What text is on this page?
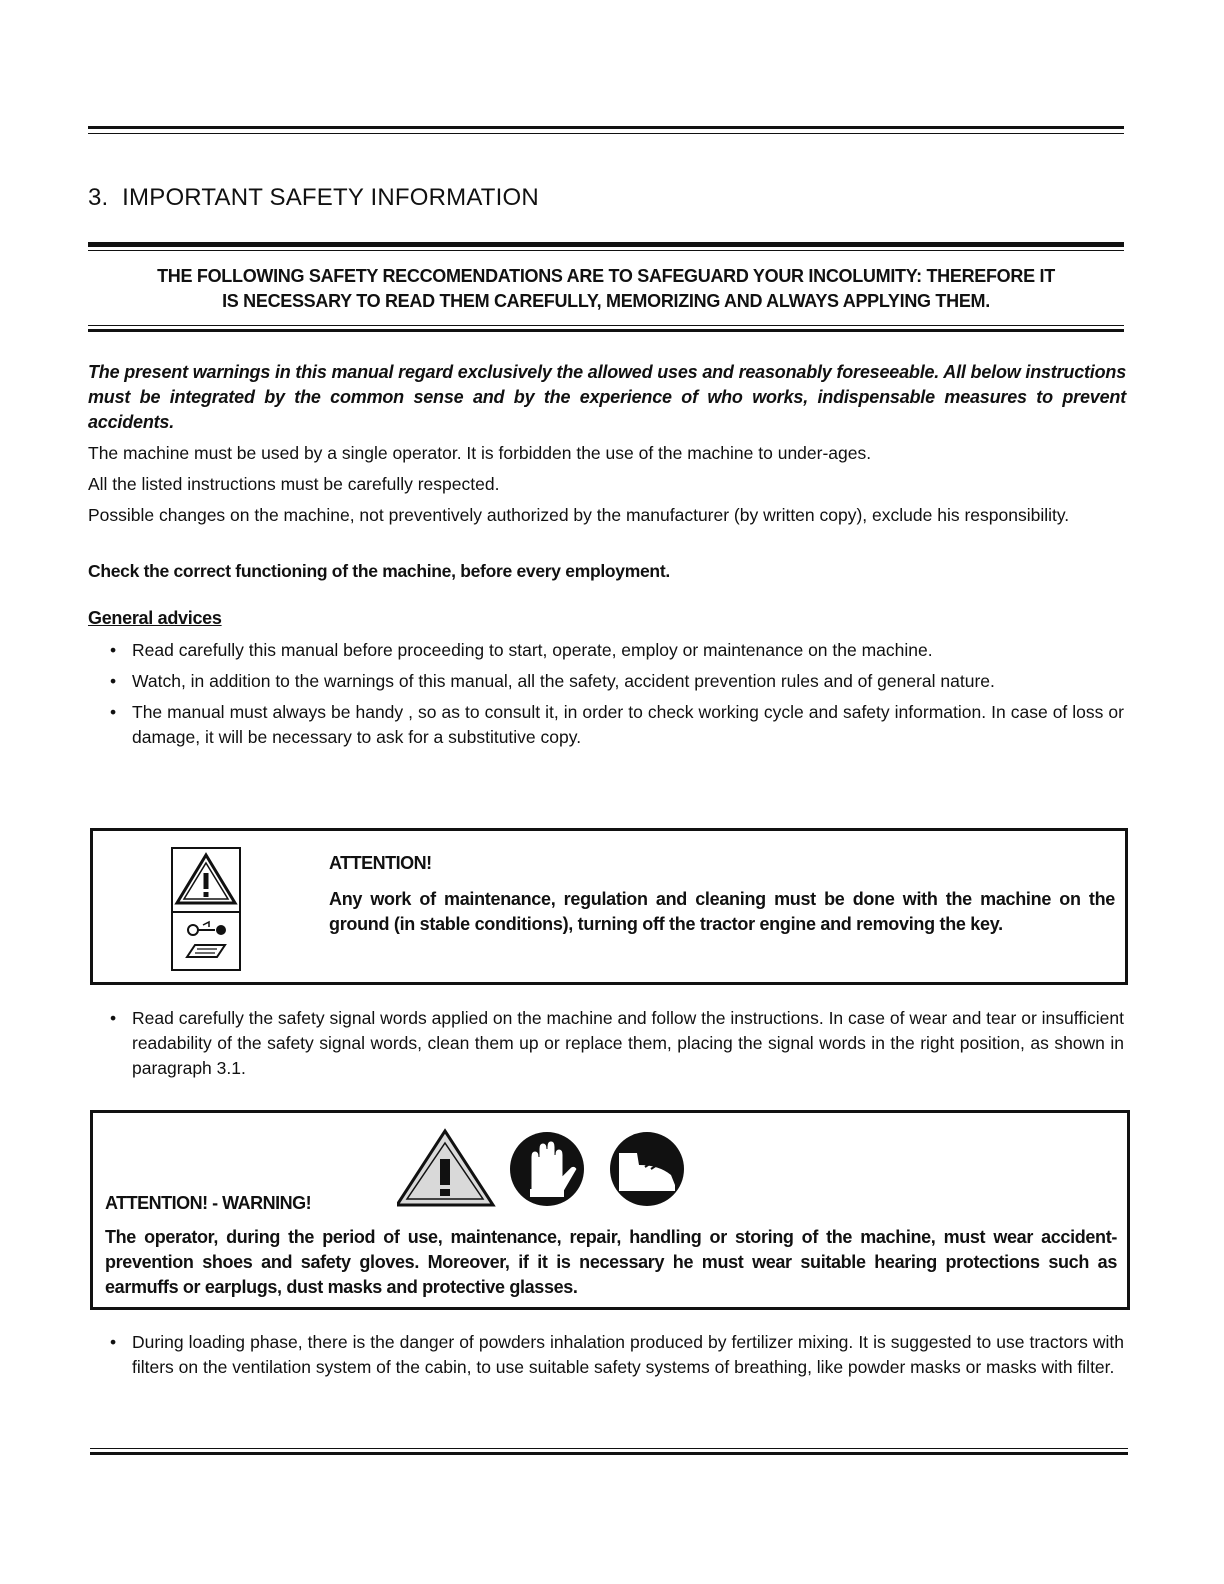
3. IMPORTANT SAFETY INFORMATION
THE FOLLOWING SAFETY RECCOMENDATIONS ARE TO SAFEGUARD YOUR INCOLUMITY: THEREFORE IT
IS NECESSARY TO READ THEM CAREFULLY, MEMORIZING AND ALWAYS APPLYING THEM.
The present warnings in this manual regard exclusively the allowed uses and reasonably foreseeable. All below instructions must be integrated by the common sense and by the experience of who works, indispensable measures to prevent accidents.
The machine must be used by a single operator. It is forbidden the use of the machine to under-ages.
All the listed instructions must be carefully respected.
Possible changes on the machine, not preventively authorized by the manufacturer (by written copy), exclude his responsibility.
Check the correct functioning of the machine, before every employment.
General advices
• Read carefully this manual before proceeding to start, operate, employ or maintenance on the machine.
• Watch, in addition to the warnings of this manual, all the safety, accident prevention rules and of general nature.
• The manual must always be handy , so as to consult it, in order to check working cycle and safety information. In case of loss or damage, it will be necessary to ask for a substitutive copy.
ATTENTION!
Any work of maintenance, regulation and cleaning must be done with the machine on the ground (in stable conditions), turning off the tractor engine and removing the key.
• Read carefully the safety signal words applied on the machine and follow the instructions. In case of wear and tear or insufficient readability of the safety signal words, clean them up or replace them, placing the signal words in the right position, as shown in paragraph 3.1.
ATTENTION! - WARNING!
The operator, during the period of use, maintenance, repair, handling or storing of the machine, must wear accident-prevention shoes and safety gloves. Moreover, if it is necessary he must wear suitable hearing protections such as earmuffs or earplugs, dust masks and protective glasses.
• During loading phase, there is the danger of powders inhalation produced by fertilizer mixing. It is suggested to use tractors with filters on the ventilation system of the cabin, to use suitable safety systems of breathing, like powder masks or masks with filter.
